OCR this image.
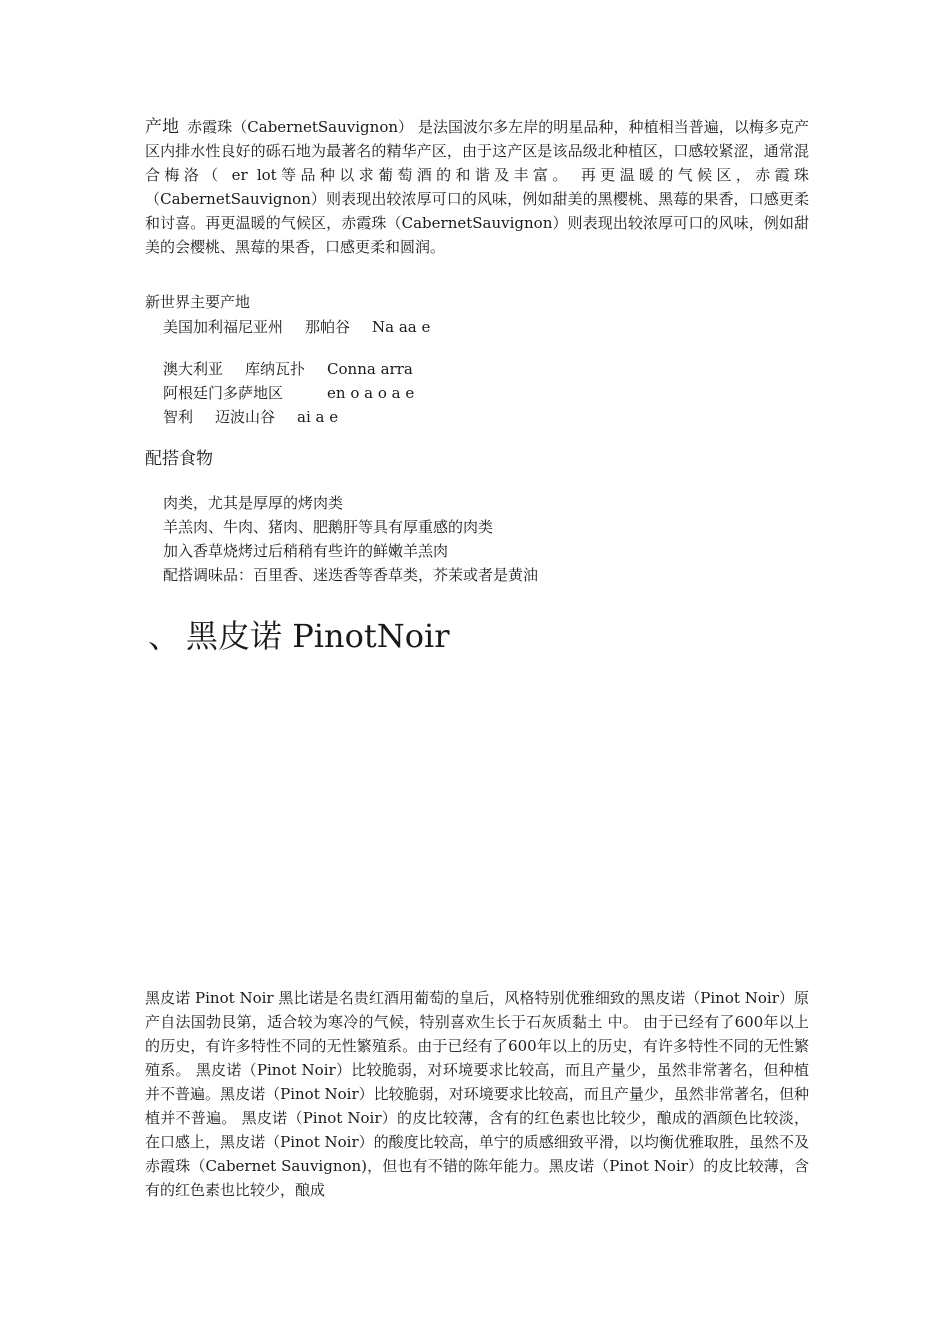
产地 赤霞珠（CabernetSauvignon） 是法国波尔多左岸的明星品种，种植相当普遍，以梅多克产区内排水性良好的砾石地为最著名的精华产区，由于这产区是该品级北种植区，口感较紧涩，通常混合梅洛（ er lot等品种以求葡萄酒的和谐及丰富。 再更温暖的气候区，赤霞珠（CabernetSauvignon）则表现出较浓厚可口的风味，例如甜美的黑樱桃、黑莓的果香，口感更柔和讨喜。再更温暖的气候区，赤霞珠（CabernetSauvignon）则表现出较浓厚可口的风味，例如甜美的会樱桃、黑莓的果香，口感更柔和圆润。

新世界主要产地

美国加利福尼亚州 那帕谷 Na aa e
澳大利亚 库纳瓦扑 Conna arra
阿根廷门多萨地区	en o a o a e
智利 迈波山谷 ai a e

配搭食物

肉类，尤其是厚厚的烤肉类
羊羔肉、牛肉、猪肉、肥鹅肝等具有厚重感的肉类
加入香草烧烤过后稍稍有些许的鲜嫩羊羔肉
配搭调味品：百里香、迷迭香等香草类，芥茉或者是黄油
、 黑皮诺 PinotNoir

黑皮诺 Pinot Noir 黑比诺是名贵红酒用葡萄的皇后，风格特别优雅细致的黑皮诺（Pinot Noir）原产自法国勃艮第，适合较为寒冷的气候，特别喜欢生长于石灰质黏土 中。 由于已经有了600年以上的历史，有许多特性不同的无性繁殖系。由于已经有了600年以上的历史，有许多特性不同的无性繁殖系。 黑皮诺（Pinot Noir）比较脆弱，对环境要求比较高，而且产量少，虽然非常著名，但种植并不普遍。黑皮诺（Pinot Noir）比较脆弱，对环境要求比较高，而且产量少，虽然非常著名，但种植并不普遍。 黑皮诺（Pinot Noir）的皮比较薄，含有的红色素也比较少，酿成的酒颜色比较淡，在口感上，黑皮诺（Pinot Noir）的酸度比较高，单宁的质感细致平滑，以均衡优雅取胜，虽然不及赤霞珠（Cabernet Sauvignon)，但也有不错的陈年能力。黑皮诺（Pinot Noir）的皮比较薄，含有的红色素也比较少，酿成
